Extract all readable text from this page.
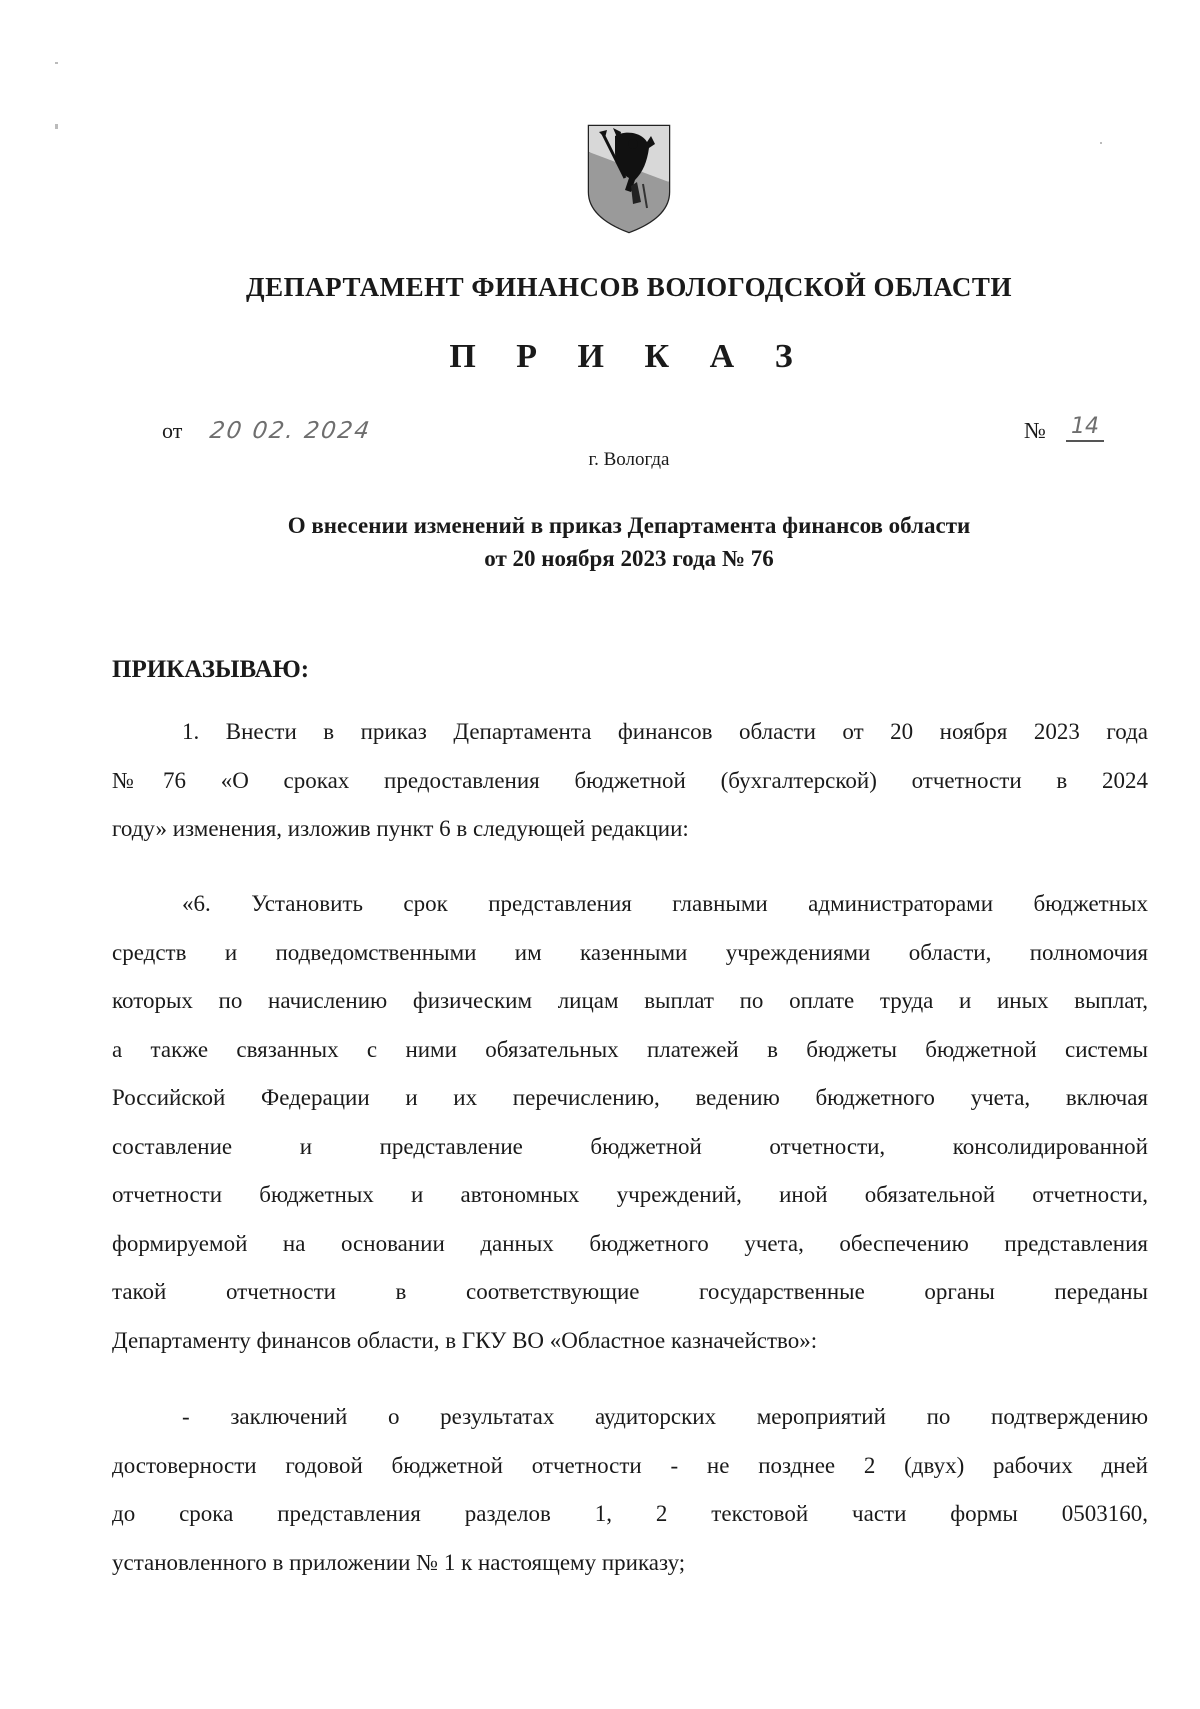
ДЕПАРТАМЕНТ ФИНАНСОВ ВОЛОГОДСКОЙ ОБЛАСТИ
П Р И К А З
от 20 02. 2024	№ 14
г. Вологда
О внесении изменений в приказ Департамента финансов области
от 20 ноября 2023 года № 76
ПРИКАЗЫВАЮ:
1. Внести в приказ Департамента финансов области от 20 ноября 2023 года
№76 «О сроках предоставления бюджетной (бухгалтерской) отчетности в 2024
году» изменения, изложив пункт 6 в следующей редакции:
«6. Установить срок представления главными администраторами бюджетных
средств и подведомственными им казенными учреждениями области, полномочия
которых по начислению физическим лицам выплат по оплате труда и иных выплат,
а также связанных с ними обязательных платежей в бюджеты бюджетной системы
Российской Федерации и их перечислению, ведению бюджетного учета, включая
составление и представление бюджетной отчетности, консолидированной
отчетности бюджетных и автономных учреждений, иной обязательной отчетности,
формируемой на основании данных бюджетного учета, обеспечению представления
такой отчетности в соответствующие государственные органы переданы
Департаменту финансов области, в ГКУ ВО «Областное казначейство»:
- заключений о результатах аудиторских мероприятий по подтверждению
достоверности годовой бюджетной отчетности - не позднее 2 (двух) рабочих дней
до срока представления разделов 1, 2 текстовой части формы 0503160,
установленного в приложении № 1 к настоящему приказу;
